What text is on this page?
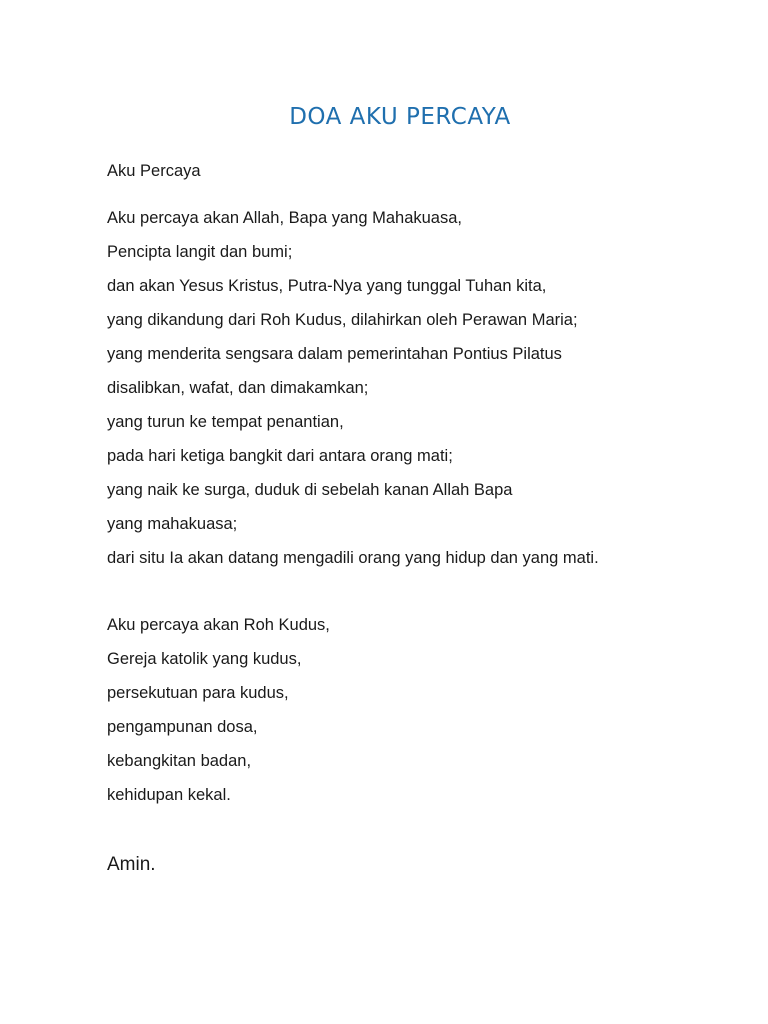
DOA AKU PERCAYA

Aku Percaya

Aku percaya akan Allah, Bapa yang Mahakuasa,
Pencipta langit dan bumi;
dan akan Yesus Kristus, Putra-Nya yang tunggal Tuhan kita,
yang dikandung dari Roh Kudus, dilahirkan oleh Perawan Maria;
yang menderita sengsara dalam pemerintahan Pontius Pilatus
disalibkan, wafat, dan dimakamkan;
yang turun ke tempat penantian,
pada hari ketiga bangkit dari antara orang mati;
yang naik ke surga, duduk di sebelah kanan Allah Bapa
yang mahakuasa;
dari situ Ia akan datang mengadili orang yang hidup dan yang mati.
Aku percaya akan Roh Kudus,
Gereja katolik yang kudus,
persekutuan para kudus,
pengampunan dosa,
kebangkitan badan,
kehidupan kekal.

Amin.
